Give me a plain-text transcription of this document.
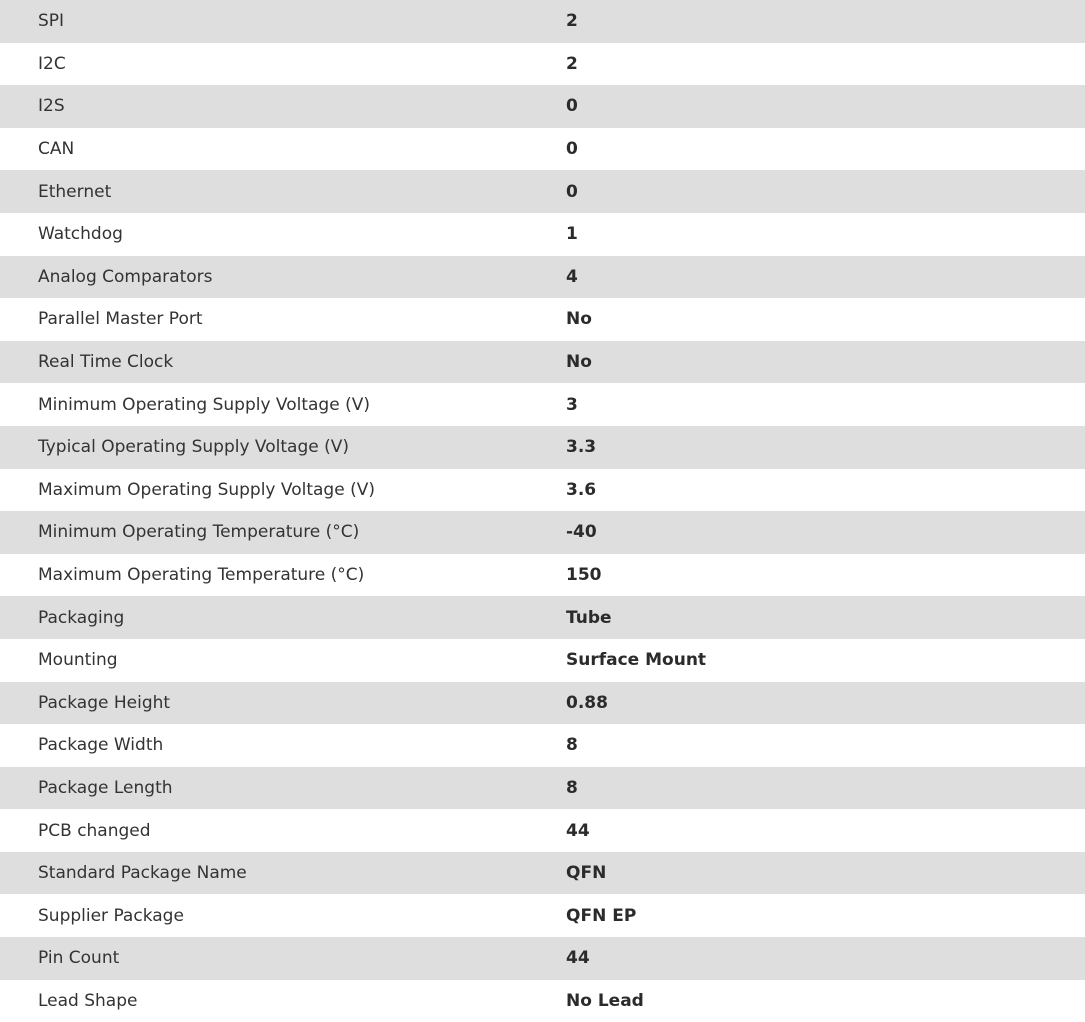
SPI	2
I2C	2
I2S	0
CAN	0
Ethernet	0
Watchdog	1
Analog Comparators	4
Parallel Master Port	No
Real Time Clock	No
Minimum Operating Supply Voltage (V)	3
Typical Operating Supply Voltage (V)	3.3
Maximum Operating Supply Voltage (V)	3.6
Minimum Operating Temperature (°C)	-40
Maximum Operating Temperature (°C)	150
Packaging	Tube
Mounting	Surface Mount
Package Height	0.88
Package Width	8
Package Length	8
PCB changed	44
Standard Package Name	QFN
Supplier Package	QFN EP
Pin Count	44
Lead Shape	No Lead
